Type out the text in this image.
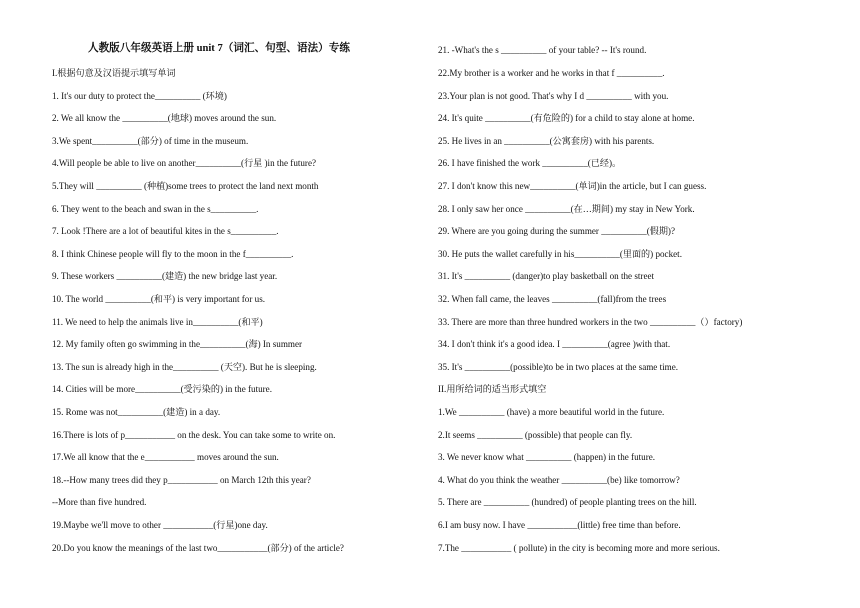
人教版八年级英语上册 unit 7（词汇、句型、语法）专练
I.根据句意及汉语提示填写单词
1. It's our duty to protect the__________ (环境)
2. We all know the __________(地球) moves around the sun.
3.We spent__________(部分) of time in the museum.
4.Will people be able to live on another__________(行星 )in the future?
5.They will __________ (种植)some trees to protect the land next month
6. They went to the beach and swan in the s__________.
7. Look !There are a lot of beautiful kites in the s__________.
8. I think Chinese people will fly to the moon in the f__________.
9. These workers __________(建造) the new bridge last year.
10. The world __________(和平) is very important for us.
11. We need to help the animals live in__________(和平)
12. My family often go swimming in the__________(海) In summer
13. The sun is already high in the__________ (天空). But he is sleeping.
14. Cities will be more__________(受污染的) in the future.
15. Rome was not__________(建造) in a day.
16.There is lots of p___________ on the desk. You can take some to write on.
17.We all know that the e___________ moves around the sun.
18.--How many trees did they p___________ on March 12th this year?
--More than five hundred.
19.Maybe we'll move to other ___________(行星)one day.
20.Do you know the meanings of the last two___________(部分) of the article?
21. -What's the s __________ of your table? -- It's round.
22.My brother is a worker and he works in that f __________.
23.Your plan is not good. That's why I d __________ with you.
24. It's quite __________(有危险的) for a child to stay alone at home.
25. He lives in an __________(公寓套房) with his parents.
26. I have finished the work __________(已经)。
27. I don't know this new__________(单词)in the article, but I can guess.
28. I only saw her once __________(在…期间) my stay in New York.
29. Where are you going during the summer __________(假期)?
30. He puts the wallet carefully in his__________(里面的) pocket.
31. It's __________ (danger)to play basketball on the street
32. When fall came, the leaves __________(fall)from the trees
33. There are more than three hundred workers in the two __________（）factory)
34. I don't think it's a good idea. I __________(agree )with that.
35. It's __________(possible)to be in two places at the same time.
II.用所给词的适当形式填空
1.We __________ (have) a more beautiful world in the future.
2.It seems __________ (possible) that people can fly.
3. We never know what __________ (happen) in the future.
4. What do you think the weather __________(be) like tomorrow?
5. There are __________ (hundred) of people planting trees on the hill.
6.I am busy now. I have ___________(little) free time than before.
7.The ___________ ( pollute) in the city is becoming more and more serious.
